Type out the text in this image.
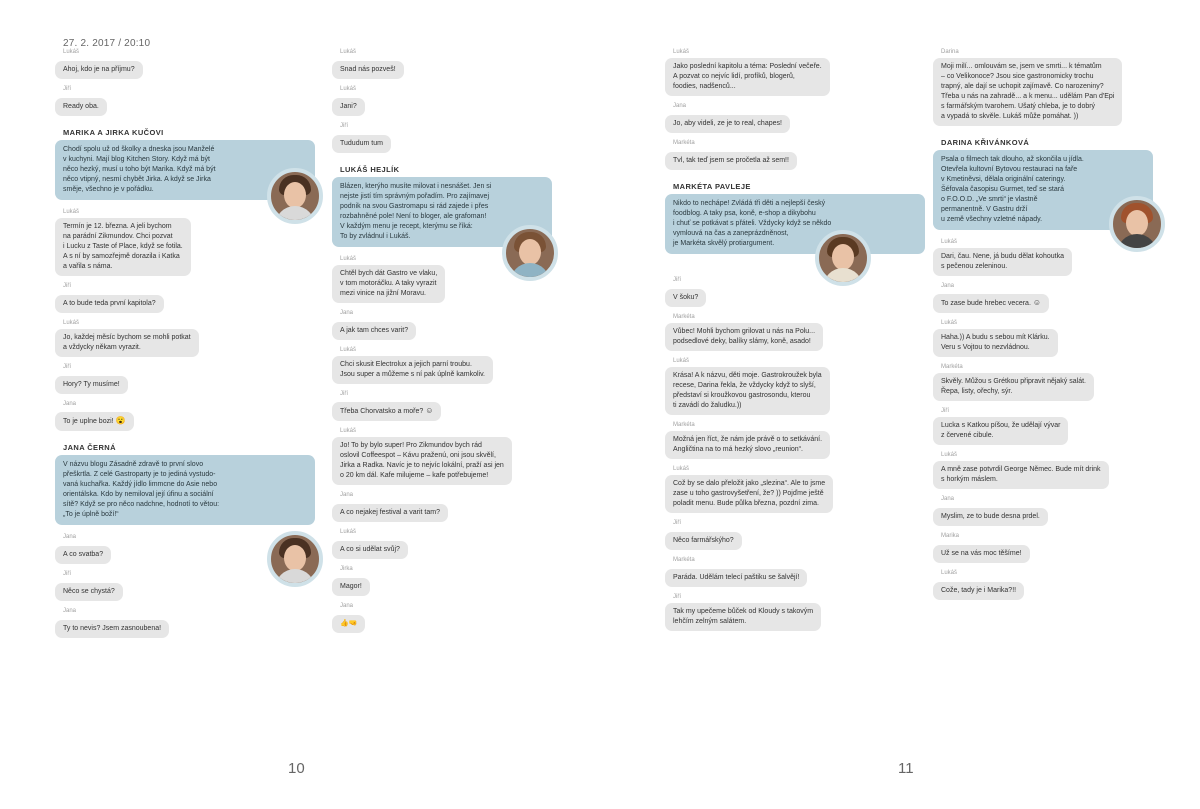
27. 2. 2017 / 20:10
Lukáš
Ahoj, kdo je na příjmu?
Jiří
Ready oba.
MARIKA A JIRKA KUČOVI
Chodí spolu už od školky a dneska jsou Manželé
v kuchyni. Mají blog Kitchen Story. Když má být
něco hezký, musí u toho být Marika. Když má být
něco vtipný, nesmí chybět Jirka. A když se Jirka
směje, všechno je v pořádku.
Lukáš
Termín je 12. března. A jeli bychom
na parádní Zikmundov. Chci pozvat
i Lucku z Taste of Place, když se fotila.
A s ní by samozřejmě dorazila i Katka
a vařila s náma.
Jiří
A to bude teda první kapitola?
Lukáš
Jo, každej měsíc bychom se mohli potkat
a vždycky někam vyrazit.
Jiří
Hory? Ty musíme!
Jana
To je uplne bozi! 😮
JANA ČERNÁ
V názvu blogu Zásadně zdravě to první slovo
přeškrtla. Z celé Gastroparty je to jediná vystudo-
vaná kuchařka. Každý jídlo limmcne do Asie nebo
orientálska. Kdo by nemiloval její úfinu a sociální
sítě? Když se pro něco nadchne, hodnotí to větou:
„To je úplně boží!“
Jana
A co svatba?
Jiří
Něco se chystá?
Jana
Ty to nevis? Jsem zasnoubena!
Lukáš
Snad nás pozveš!
Lukáš
Jani?
Jiří
Tududum tum
LUKÁŠ HEJLÍK
Blázen, kterýho musíte milovat i nesnášet. Jen si
nejste jistí tím správným pořadím. Pro zajímavej
podnik na svou Gastromapu si rád zajede i přes
rozbahněné pole! Není to bloger, ale grafoman!
V každým menu je recept, kterýmu se říká:
To by zvládnul i Lukáš.
Lukáš
Chtěl bych dát Gastro ve vlaku,
v tom motoráčku. A taky vyrazit
mezi vinice na jižní Moravu.
Jana
A jak tam chces varit?
Lukáš
Chci skusit Electrolux a jejich parní troubu.
Jsou super a můžeme s ní pak úplně kamkoliv.
Jiří
Třeba Chorvatsko a moře? ☺
Lukáš
Jo! To by bylo super! Pro Zikmundov bych rád
oslovil Coffeespot – Kávu praženú, oni jsou skvělí,
Jirka a Radka. Navíc je to nejvíc lokální, praží asi jen
o 20 km dál. Kafe milujeme – kafe potřebujeme!
Jana
A co nejakej festival a varit tam?
Lukáš
A co si udělat svůj?
Jirka
Magor!
Jana
👍🤜
10
Lukáš
Jako poslední kapitolu a téma: Poslední večeře.
A pozvat co nejvíc lidí, profíků, blogerů,
foodies, nadšenců...
Jana
Jo, aby videli, ze je to real, chapes!
Markéta
Tvl, tak teď jsem se pročetla až sem!!
MARKÉTA PAVLEJE
Nikdo to nechápe! Zvládá tři děti a nejlepší český
foodblog. A taky psa, koně, e-shop a dikybohu
i chuť se potkávat s přáteli. Vždycky když se někdo
vymlouvá na čas a zaneprázdněnost,
je Markéta skvělý protiargument.
Jiří
V šoku?
Markéta
Vůbec! Mohli bychom grilovat u nás na Polu...
podsedlové deky, balíky slámy, koně, asado!
Lukáš
Krása! A k názvu, děti moje. Gastrokroužek byla
recese, Darina řekla, že vždycky když to slyší,
představí si kroužkovou gastrosondu, kterou
ti zavádí do žaludku.))
Markéta
Možná jen říct, že nám jde právě o to setkávání.
Angličtina na to má hezký slovo „reunion“.
Lukáš
Což by se dalo přeložit jako „slezina“. Ale to jsme
zase u toho gastrovyšetření, že? )) Pojďme ještě
poladit menu. Bude půlka března, pozdní zima.
Jiří
Něco farmářskýho?
Markéta
Paráda. Udělám telecí paštiku se šalvějí!
Jiří
Tak my upečeme bůček od Kloudy s takovým
lehčím zelným salátem.
Darina
Moji milí... omlouvám se, jsem ve smrti... k tématům
– co Velikonoce? Jsou sice gastronomicky trochu
trapný, ale dají se uchopit zajímavě. Co narozeniny?
Třeba u nás na zahradě... a k menu... udělám Pan d'Epi
s farmářským tvarohem. Ušatý chleba, je to dobrý
a vypadá to skvěle. Lukáš může pomáhat. ))
DARINA KŘIVÁNKOVÁ
Psala o filmech tak dlouho, až skončila u jídla.
Otevřela kultovní Bytovou restauraci na faře
v Kmetiněvsi, dělala originální cateringy.
Šéfovala časopisu Gurmet, teď se stará
o F.O.O.D. „Ve smrti“ je vlastně
permanentně. V Gastru drží
u země všechny vzletné nápady.
Lukáš
Dari, čau. Nene, já budu dělat kohoutka
s pečenou zeleninou.
Jana
To zase bude hrebec vecera. ☺
Lukáš
Haha.)) A budu s sebou mít Klárku.
Veru s Vojtou to nezvládnou.
Markéta
Skvěly. Můžou s Grétkou připravit nějaký salát.
Řepa, listy, ořechy, sýr.
Jiří
Lucka s Katkou píšou, že udělají vývar
z červené cibule.
Lukáš
A mně zase potvrdil George Němec. Bude mít drink
s horkým máslem.
Jana
Myslim, ze to bude desna prdel.
Marika
Už se na vás moc těšíme!
Lukáš
Cože, tady je i Marika?!!
11
